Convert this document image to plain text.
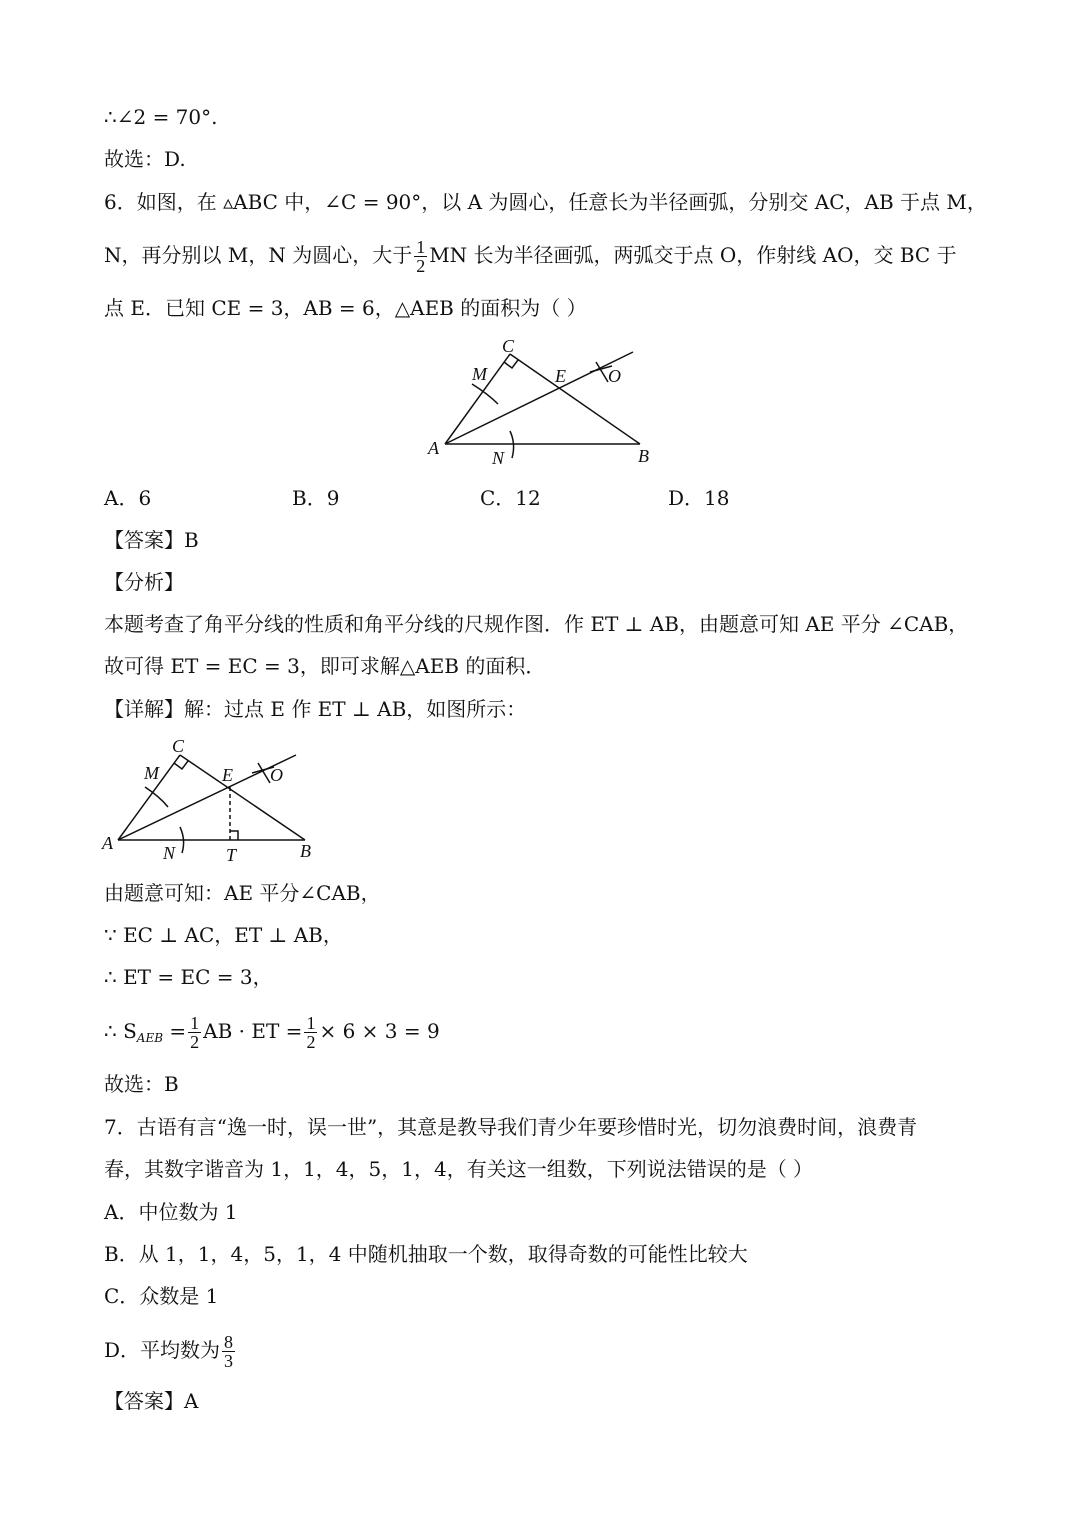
∴∠2 = 70°.
故选：D.
6．如图，在 ▵ABC 中，∠C = 90°，以 A 为圆心，任意长为半径画弧，分别交 AC，AB 于点 M，
N，再分别以 M，N 为圆心，大于 $\frac{1}{2}$ MN 长为半径画弧，两弧交于点 O，作射线 AO，交 BC 于
点 E．已知 CE = 3，AB = 6，△AEB 的面积为（ ）
C
M	E O
A	N	B
A．6	B．9	C．12	D．18
【答案】B
【分析】
本题考查了角平分线的性质和角平分线的尺规作图．作 ET ⊥ AB，由题意可知 AE 平分 ∠CAB，
故可得 ET = EC = 3，即可求解△AEB 的面积．
【详解】解：过点 E 作 ET ⊥ AB，如图所示：
C
M	E O
A	N	T	B
由题意可知：AE 平分∠CAB，
∵ EC ⊥ AC，ET ⊥ AB，
∴ ET = EC = 3，
∴ $S_{AEB} = \frac{1}{2}$ AB · ET = $\frac{1}{2} \times 6 \times 3 = 9$
故选：B
7．古语有言“逸一时，误一世”，其意是教导我们青少年要珍惜时光，切勿浪费时间，浪费青
春，其数字谐音为 1，1，4，5，1，4，有关这一组数，下列说法错误的是（ ）
A．中位数为 1
B．从 1，1，4，5，1，4 中随机抽取一个数，取得奇数的可能性比较大
C．众数是 1
D．平均数为 $\frac{8}{3}$
【答案】A
